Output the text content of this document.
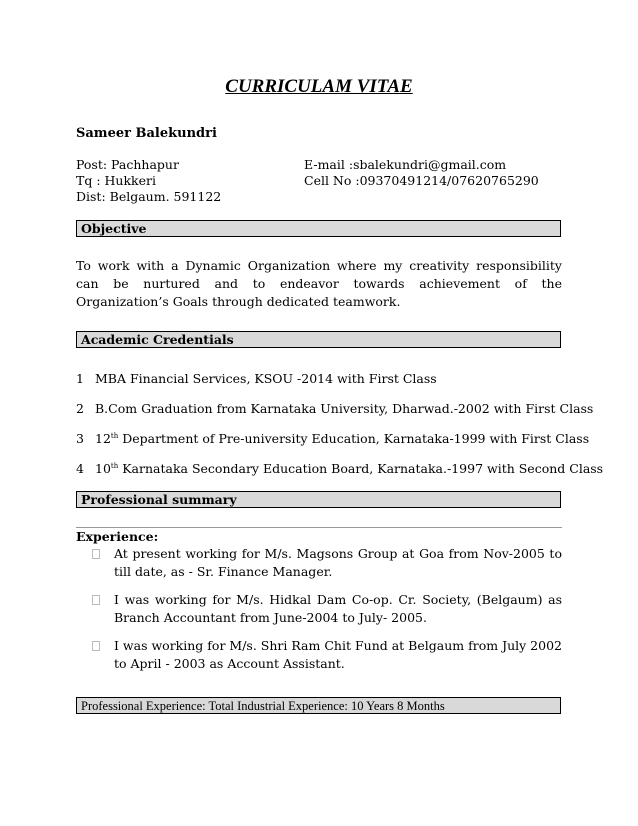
CURRICULAM VITAE
Sameer Balekundri
Post: Pachhapur
Tq : Hukkeri
Dist: Belgaum. 591122
E-mail :sbalekundri@gmail.com
Cell No :09370491214/07620765290
Objective
To work with a Dynamic Organization where my creativity responsibility can be nurtured and to endeavor towards achievement of the Organization’s Goals through dedicated teamwork.
Academic Credentials
1 MBA Financial Services, KSOU -2014 with First Class
2 B.Com Graduation from Karnataka University, Dharwad.-2002 with First Class
3 12th Department of Pre-university Education, Karnataka-1999 with First Class
4 10th Karnataka Secondary Education Board, Karnataka.-1997 with Second Class
Professional summary
Experience:
At present working for M/s. Magsons Group at Goa from Nov-2005 to till date, as - Sr. Finance Manager.
I was working for M/s. Hidkal Dam Co-op. Cr. Society, (Belgaum) as Branch Accountant from June-2004 to July- 2005.
I was working for M/s. Shri Ram Chit Fund at Belgaum from July 2002 to April - 2003 as Account Assistant.
Professional Experience: Total Industrial Experience: 10 Years 8 Months
